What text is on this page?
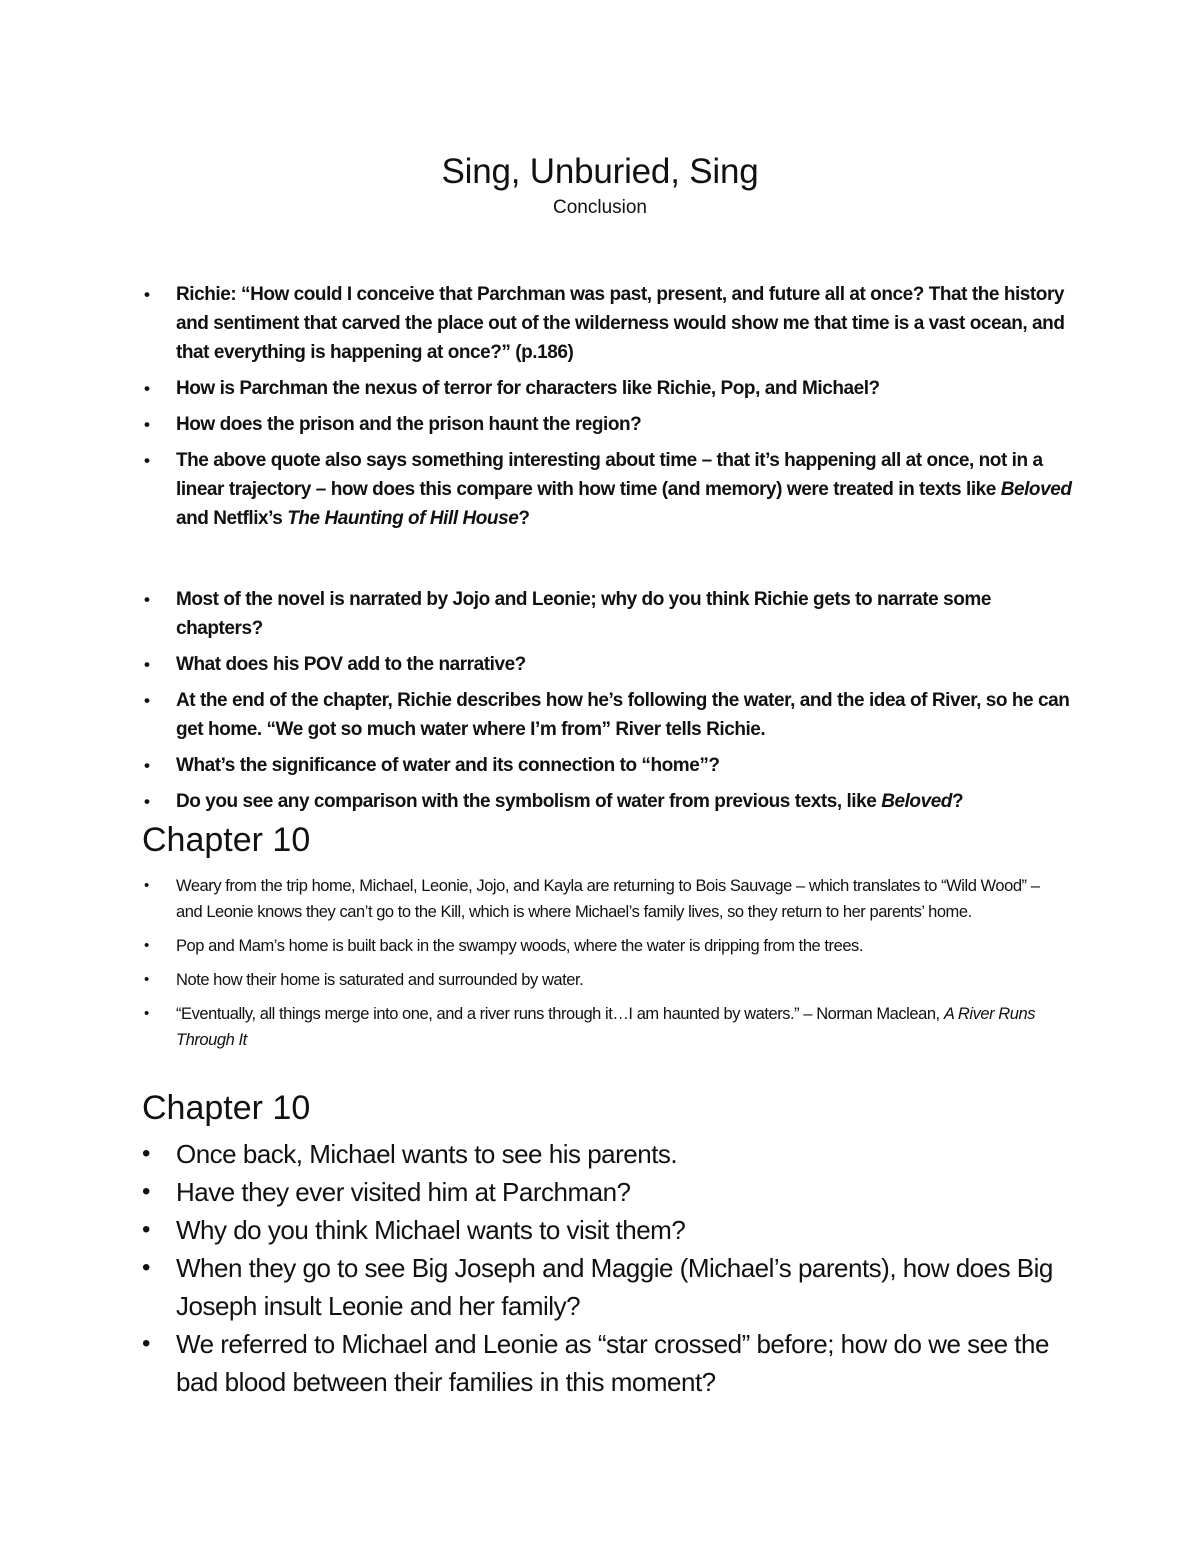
Sing, Unburied, Sing
Conclusion
• Richie: “How could I conceive that Parchman was past, present, and future all at once? That the history and sentiment that carved the place out of the wilderness would show me that time is a vast ocean, and that everything is happening at once?” (p.186)
• How is Parchman the nexus of terror for characters like Richie, Pop, and Michael?
• How does the prison and the prison haunt the region?
• The above quote also says something interesting about time – that it’s happening all at once, not in a linear trajectory – how does this compare with how time (and memory) were treated in texts like Beloved and Netflix’s The Haunting of Hill House?
• Most of the novel is narrated by Jojo and Leonie; why do you think Richie gets to narrate some chapters?
• What does his POV add to the narrative?
• At the end of the chapter, Richie describes how he’s following the water, and the idea of River, so he can get home. “We got so much water where I’m from” River tells Richie.
• What’s the significance of water and its connection to “home”?
• Do you see any comparison with the symbolism of water from previous texts, like Beloved?
Chapter 10
• Weary from the trip home, Michael, Leonie, Jojo, and Kayla are returning to Bois Sauvage – which translates to “Wild Wood” – and Leonie knows they can’t go to the Kill, which is where Michael’s family lives, so they return to her parents’ home.
• Pop and Mam’s home is built back in the swampy woods, where the water is dripping from the trees.
• Note how their home is saturated and surrounded by water.
• “Eventually, all things merge into one, and a river runs through it…I am haunted by waters.” – Norman Maclean, A River Runs Through It
Chapter 10
• Once back, Michael wants to see his parents.
• Have they ever visited him at Parchman?
• Why do you think Michael wants to visit them?
• When they go to see Big Joseph and Maggie (Michael’s parents), how does Big Joseph insult Leonie and her family?
• We referred to Michael and Leonie as “star crossed” before; how do we see the bad blood between their families in this moment?
